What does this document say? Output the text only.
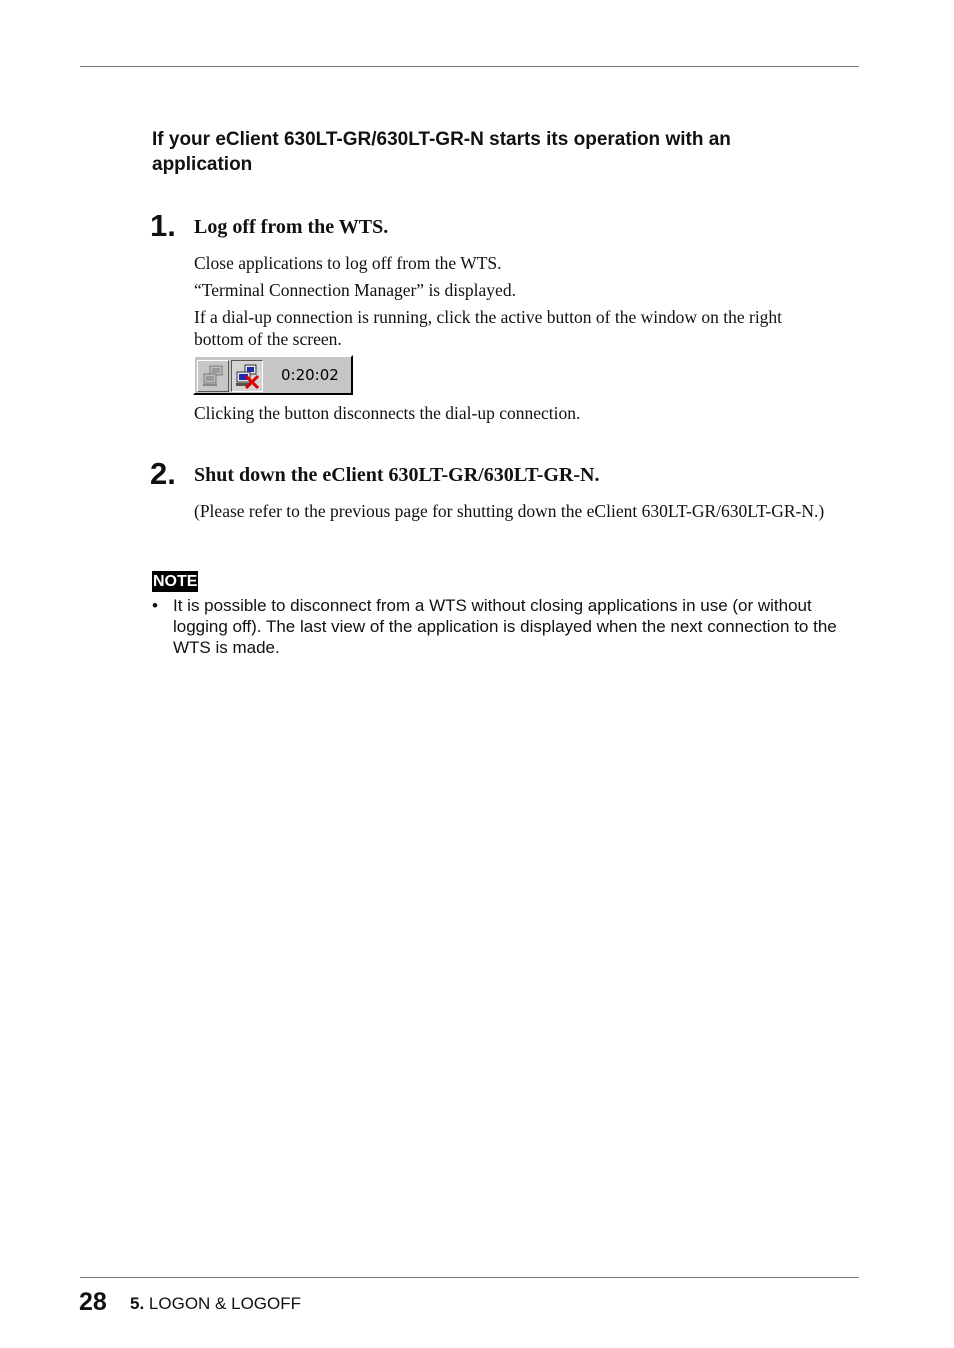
If your eClient 630LT-GR/630LT-GR-N starts its operation with an application
1. Log off from the WTS.
Close applications to log off from the WTS.
“Terminal Connection Manager” is displayed.
If a dial-up connection is running, click the active button of the window on the right bottom of the screen.
0:20:02
Clicking the button disconnects the dial-up connection.
2. Shut down the eClient 630LT-GR/630LT-GR-N.
(Please refer to the previous page for shutting down the eClient 630LT-GR/630LT-GR-N.)
NOTE
• It is possible to disconnect from a WTS without closing applications in use (or without logging off). The last view of the application is displayed when the next connection to the WTS is made.
28 5. LOGON & LOGOFF
